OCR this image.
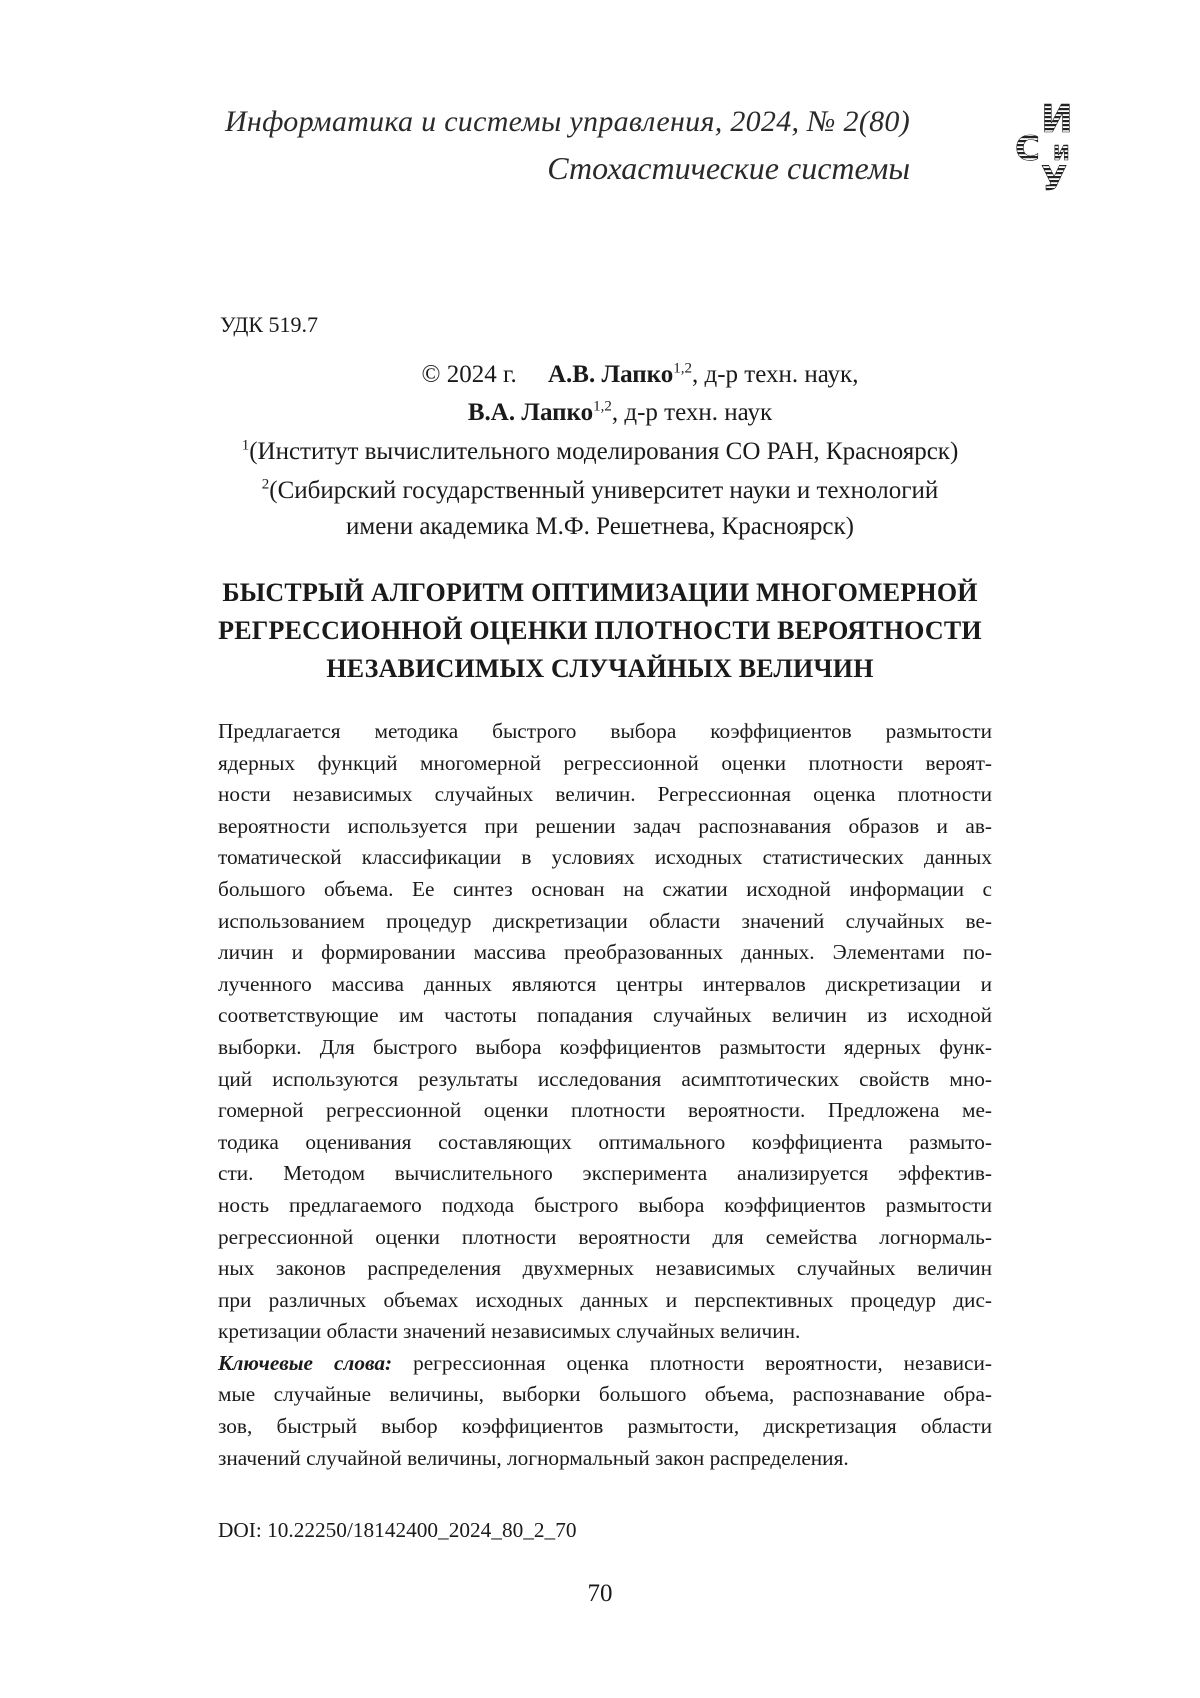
Информатика и системы управления, 2024, № 2(80)
Стохастические системы
И
С И
У
УДК 519.7
© 2024 г. А.В. Лапко$^{1,2}$, д-р техн. наук,
В.А. Лапко$^{1,2}$, д-р техн. наук
$^1$(Институт вычислительного моделирования СО РАН, Красноярск)
$^2$(Сибирский государственный университет науки и технологий
имени академика М.Ф. Решетнева, Красноярск)
БЫСТРЫЙ АЛГОРИТМ ОПТИМИЗАЦИИ МНОГОМЕРНОЙ
РЕГРЕССИОННОЙ ОЦЕНКИ ПЛОТНОСТИ ВЕРОЯТНОСТИ
НЕЗАВИСИМЫХ СЛУЧАЙНЫХ ВЕЛИЧИН
Предлагается методика быстрого выбора коэффициентов размытости
ядерных функций многомерной регрессионной оценки плотности вероят-
ности независимых случайных величин. Регрессионная оценка плотности
вероятности используется при решении задач распознавания образов и ав-
томатической классификации в условиях исходных статистических данных
большого объема. Ее синтез основан на сжатии исходной информации с
использованием процедур дискретизации области значений случайных ве-
личин и формировании массива преобразованных данных. Элементами по-
лученного массива данных являются центры интервалов дискретизации и
соответствующие им частоты попадания случайных величин из исходной
выборки. Для быстрого выбора коэффициентов размытости ядерных функ-
ций используются результаты исследования асимптотических свойств мно-
гомерной регрессионной оценки плотности вероятности. Предложена ме-
тодика оценивания составляющих оптимального коэффициента размыто-
сти. Методом вычислительного эксперимента анализируется эффектив-
ность предлагаемого подхода быстрого выбора коэффициентов размытости
регрессионной оценки плотности вероятности для семейства логнормаль-
ных законов распределения двухмерных независимых случайных величин
при различных объемах исходных данных и перспективных процедур дис-
кретизации области значений независимых случайных величин.
Ключевые слова: регрессионная оценка плотности вероятности, независи-
мые случайные величины, выборки большого объема, распознавание обра-
зов, быстрый выбор коэффициентов размытости, дискретизация области
значений случайной величины, логнормальный закон распределения.
DOI: 10.22250/18142400_2024_80_2_70
70
